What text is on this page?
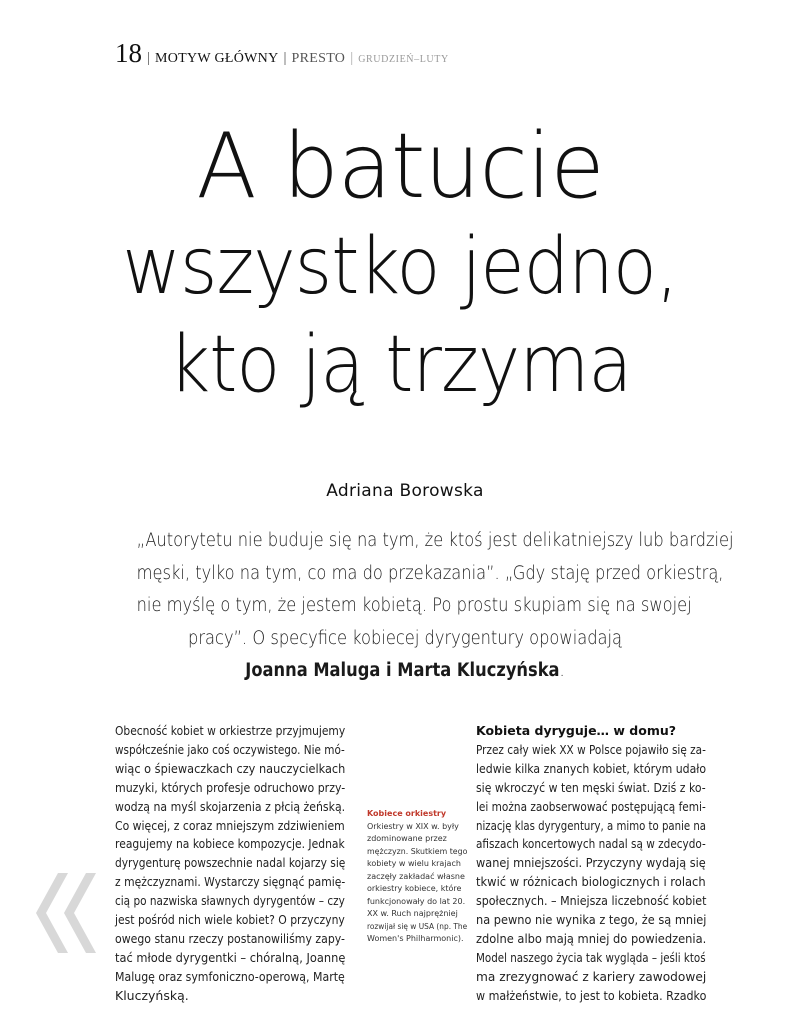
18 | MOTYW GŁÓWNY | PRESTO | GRUDZIEŃ–LUTY
A batucie
wszystko jedno,
kto ją trzyma
Adriana Borowska
„Autorytetu nie buduje się na tym, że ktoś jest delikatniejszy lub bardziej
męski, tylko na tym, co ma do przekazania”. „Gdy staję przed orkiestrą,
nie myślę o tym, że jestem kobietą. Po prostu skupiam się na swojej
pracy”. O specyfice kobiecej dyrygentury opowiadają
Joanna Maluga i Marta Kluczyńska.
Obecność kobiet w orkiestrze przyjmujemy
współcześnie jako coś oczywistego. Nie mó-
wiąc o śpiewaczkach czy nauczycielkach
muzyki, których profesje odruchowo przy-
wodzą na myśl skojarzenia z płcią żeńską.
Co więcej, z coraz mniejszym zdziwieniem
reagujemy na kobiece kompozycje. Jednak
dyrygenturę powszechnie nadal kojarzy się
z mężczyznami. Wystarczy sięgnąć pamię-
cią po nazwiska sławnych dyrygentów – czy
jest pośród nich wiele kobiet? O przyczyny
owego stanu rzeczy postanowiliśmy zapy-
tać młode dyrygentki – chóralną, Joannę
Malugę oraz symfoniczno-operową, Martę
Kluczyńską.
Kobiece orkiestry
Orkiestry w XIX w. były
zdominowane przez
mężczyzn. Skutkiem tego
kobiety w wielu krajach
zaczęły zakładać własne
orkiestry kobiece, które
funkcjonowały do lat 20.
XX w. Ruch najprężniej
rozwijał się w USA (np. The
Women's Philharmonic).
Kobieta dyryguje… w domu?
Przez cały wiek XX w Polsce pojawiło się za-
ledwie kilka znanych kobiet, którym udało
się wkroczyć w ten męski świat. Dziś z ko-
lei można zaobserwować postępującą femi-
nizację klas dyrygentury, a mimo to panie na
afiszach koncertowych nadal są w zdecydo-
wanej mniejszości. Przyczyny wydają się
tkwić w różnicach biologicznych i rolach
społecznych. – Mniejsza liczebność kobiet
na pewno nie wynika z tego, że są mniej
zdolne albo mają mniej do powiedzenia.
Model naszego życia tak wygląda – jeśli ktoś
ma zrezygnować z kariery zawodowej
w małżeństwie, to jest to kobieta. Rzadko
